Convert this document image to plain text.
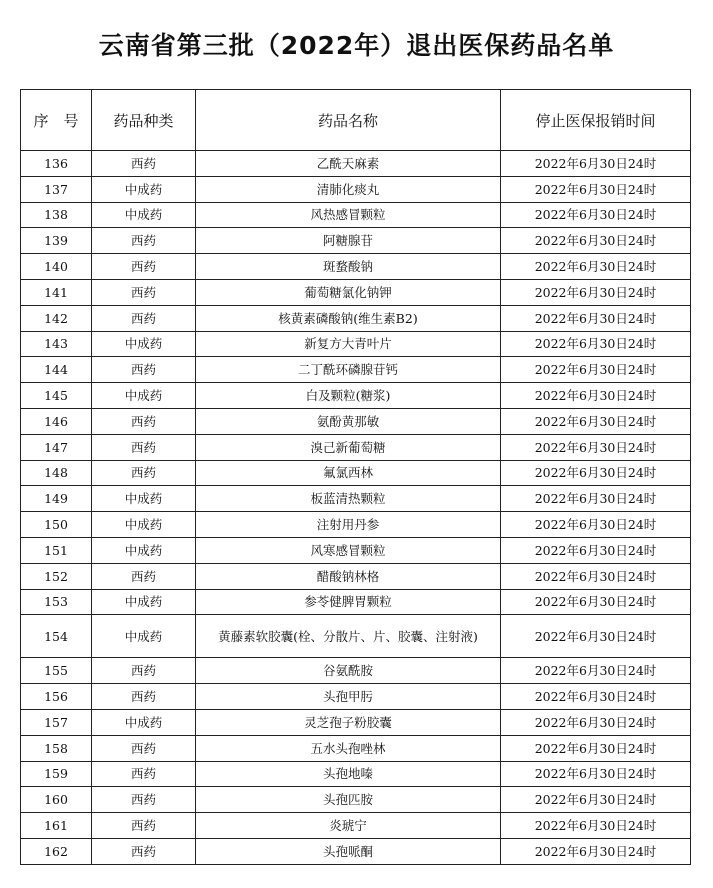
云南省第三批（2022年）退出医保药品名单
序　号	药品种类	药品名称	停止医保报销时间
136	西药	乙酰天麻素	2022年6月30日24时
137	中成药	清肺化痰丸	2022年6月30日24时
138	中成药	风热感冒颗粒	2022年6月30日24时
139	西药	阿糖腺苷	2022年6月30日24时
140	西药	斑蝥酸钠	2022年6月30日24时
141	西药	葡萄糖氯化钠钾	2022年6月30日24时
142	西药	核黄素磷酸钠(维生素B2)	2022年6月30日24时
143	中成药	新复方大青叶片	2022年6月30日24时
144	西药	二丁酰环磷腺苷钙	2022年6月30日24时
145	中成药	白及颗粒(糖浆)	2022年6月30日24时
146	西药	氨酚黄那敏	2022年6月30日24时
147	西药	溴己新葡萄糖	2022年6月30日24时
148	西药	氟氯西林	2022年6月30日24时
149	中成药	板蓝清热颗粒	2022年6月30日24时
150	中成药	注射用丹参	2022年6月30日24时
151	中成药	风寒感冒颗粒	2022年6月30日24时
152	西药	醋酸钠林格	2022年6月30日24时
153	中成药	参苓健脾胃颗粒	2022年6月30日24时
154	中成药	黄藤素软胶囊(栓、分散片、片、胶囊、注射液)	2022年6月30日24时
155	西药	谷氨酰胺	2022年6月30日24时
156	西药	头孢甲肟	2022年6月30日24时
157	中成药	灵芝孢子粉胶囊	2022年6月30日24时
158	西药	五水头孢唑林	2022年6月30日24时
159	西药	头孢地嗪	2022年6月30日24时
160	西药	头孢匹胺	2022年6月30日24时
161	西药	炎琥宁	2022年6月30日24时
162	西药	头孢哌酮	2022年6月30日24时
